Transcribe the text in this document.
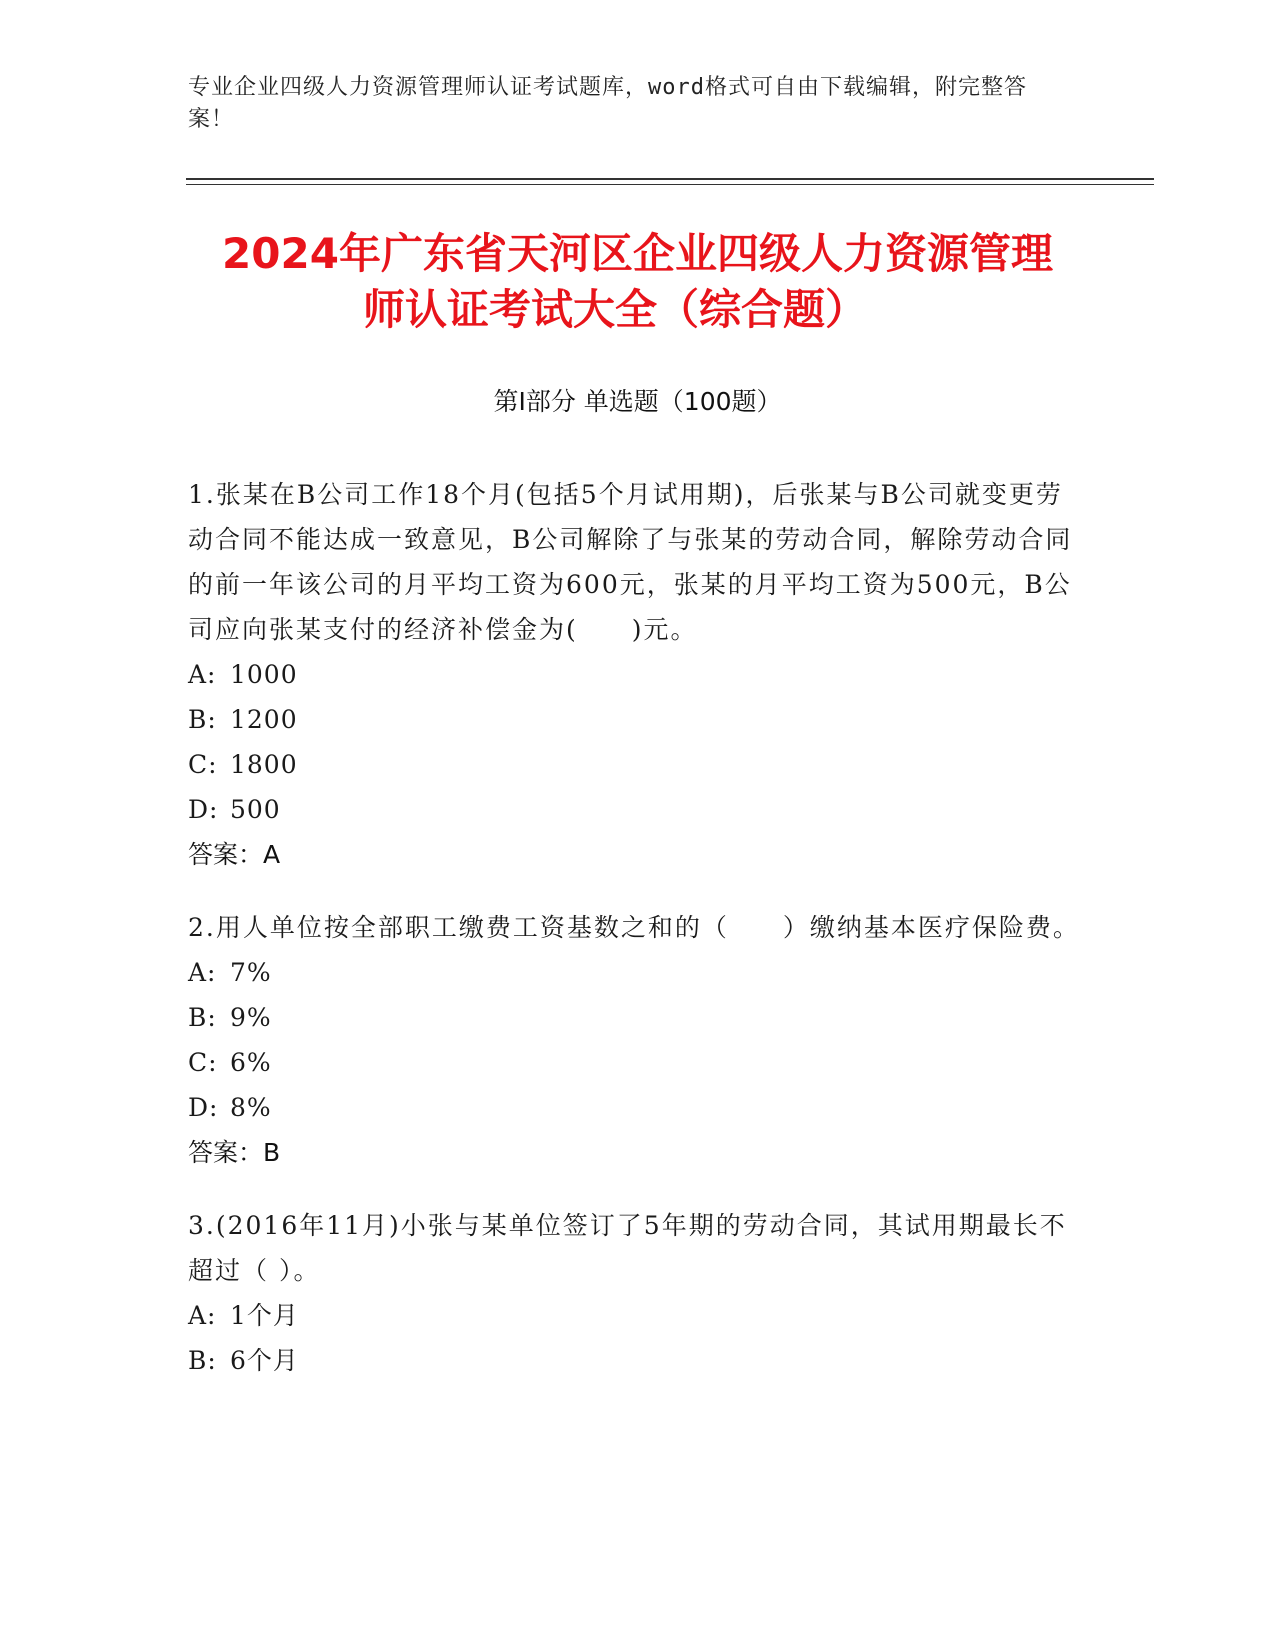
专业企业四级人力资源管理师认证考试题库，word格式可自由下载编辑，附完整答案！
2024年广东省天河区企业四级人力资源管理
师认证考试大全（综合题）
第Ⅰ部分 单选题（100题）

1.张某在B公司工作18个月(包括5个月试用期)，后张某与B公司就变更劳动合同不能达成一致意见，B公司解除了与张某的劳动合同，解除劳动合同的前一年该公司的月平均工资为600元，张某的月平均工资为500元，B公司应向张某支付的经济补偿金为(　　)元。

A: 1000

B: 1200

C: 1800

D: 500

答案：A

2.用人单位按全部职工缴费工资基数之和的（　　）缴纳基本医疗保险费。

A: 7%

B: 9%

C: 6%

D: 8%

答案：B

3.(2016年11月)小张与某单位签订了5年期的劳动合同，其试用期最长不超过（ ）。

A: 1个月

B: 6个月
